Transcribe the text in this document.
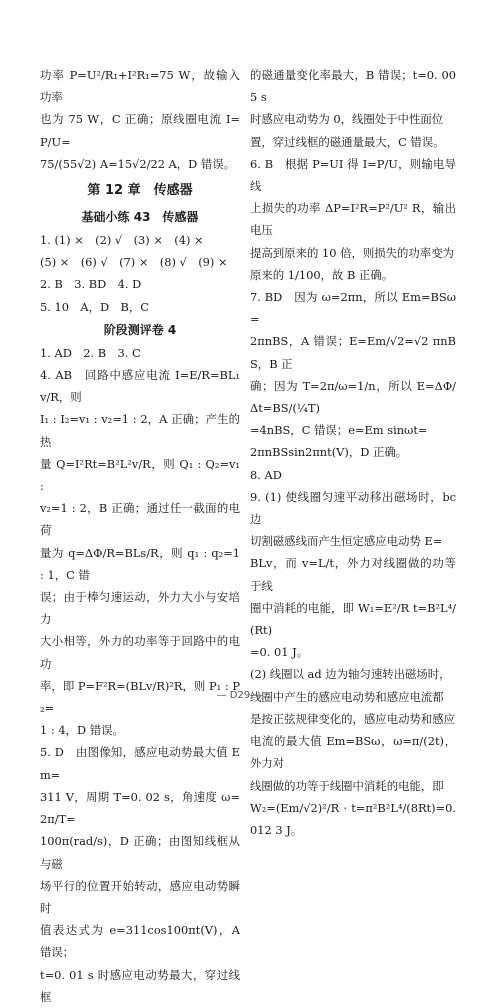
功率 P=U²/R₁+I²R₁=75 W，故输入功率

也为 75 W，C 正确；原线圈电流 I=P/U=

75/(55√2) A=15√2/22 A，D 错误。

第 12 章　传感器
基础小练 43　传感器

1. (1) ×　(2) √　(3) ×　(4) ×

(5) ×　(6) √　(7) ×　(8) √　(9) ×

2. B　3. BD　4. D

5. 10　A，D　B，C

阶段测评卷 4

1. AD　2. B　3. C

4. AB　回路中感应电流 I=E/R=BL₁v/R，则

I₁ : I₂=v₁ : v₂=1 : 2，A 正确；产生的热

量 Q=I²Rt=B²L²v/R，则 Q₁ : Q₂=v₁ :

v₂=1 : 2，B 正确；通过任一截面的电荷

量为 q=ΔΦ/R=BLs/R，则 q₁ : q₂=1 : 1，C 错

误；由于棒匀速运动，外力大小与安培力

大小相等，外力的功率等于回路中的电功

率，即 P=F²R=(BLv/R)²R，则 P₁ : P₂=

1 : 4，D 错误。

5. D　由图像知，感应电动势最大值 Em=

311 V，周期 T=0. 02 s，角速度 ω=2π/T=

100π(rad/s)，D 正确；由图知线框从与磁

场平行的位置开始转动，感应电动势瞬时

值表达式为 e=311cos100πt(V)，A 错误；

t=0. 01 s 时感应电动势最大，穿过线框

的磁通量变化率最大，B 错误；t=0. 005 s

时感应电动势为 0，线圈处于中性面位

置，穿过线框的磁通量最大，C 错误。

6. B　根据 P=UI 得 I=P/U，则输电导线

上损失的功率 ΔP=I²R=P²/U² R，输出电压

提高到原来的 10 倍，则损失的功率变为

原来的 1/100，故 B 正确。

7. BD　因为 ω=2πn，所以 Em=BSω=

2πnBS，A 错误；E=Em/√2=√2 πnBS，B 正

确；因为 T=2π/ω=1/n，所以 E=ΔΦ/Δt=BS/(¼T)

=4nBS，C 错误；e=Em sinωt=

2πnBSsin2πnt(V)，D 正确。

8. AD

9. (1) 使线圈匀速平动移出磁场时，bc 边

切割磁感线而产生恒定感应电动势 E=

BLv，而 v=L/t，外力对线圈做的功等于线

圈中消耗的电能，即 W₁=E²/R t=B²L⁴/(Rt)

=0. 01 J。

(2) 线圈以 ad 边为轴匀速转出磁场时，

线圈中产生的感应电动势和感应电流都

是按正弦规律变化的，感应电动势和感应

电流的最大值 Em=BSω，ω=π/(2t)，外力对

线圈做的功等于线圈中消耗的电能，即

W₂=(Em/√2)²/R · t=π²B²L⁴/(8Rt)=0. 012 3 J。

— D29 —
